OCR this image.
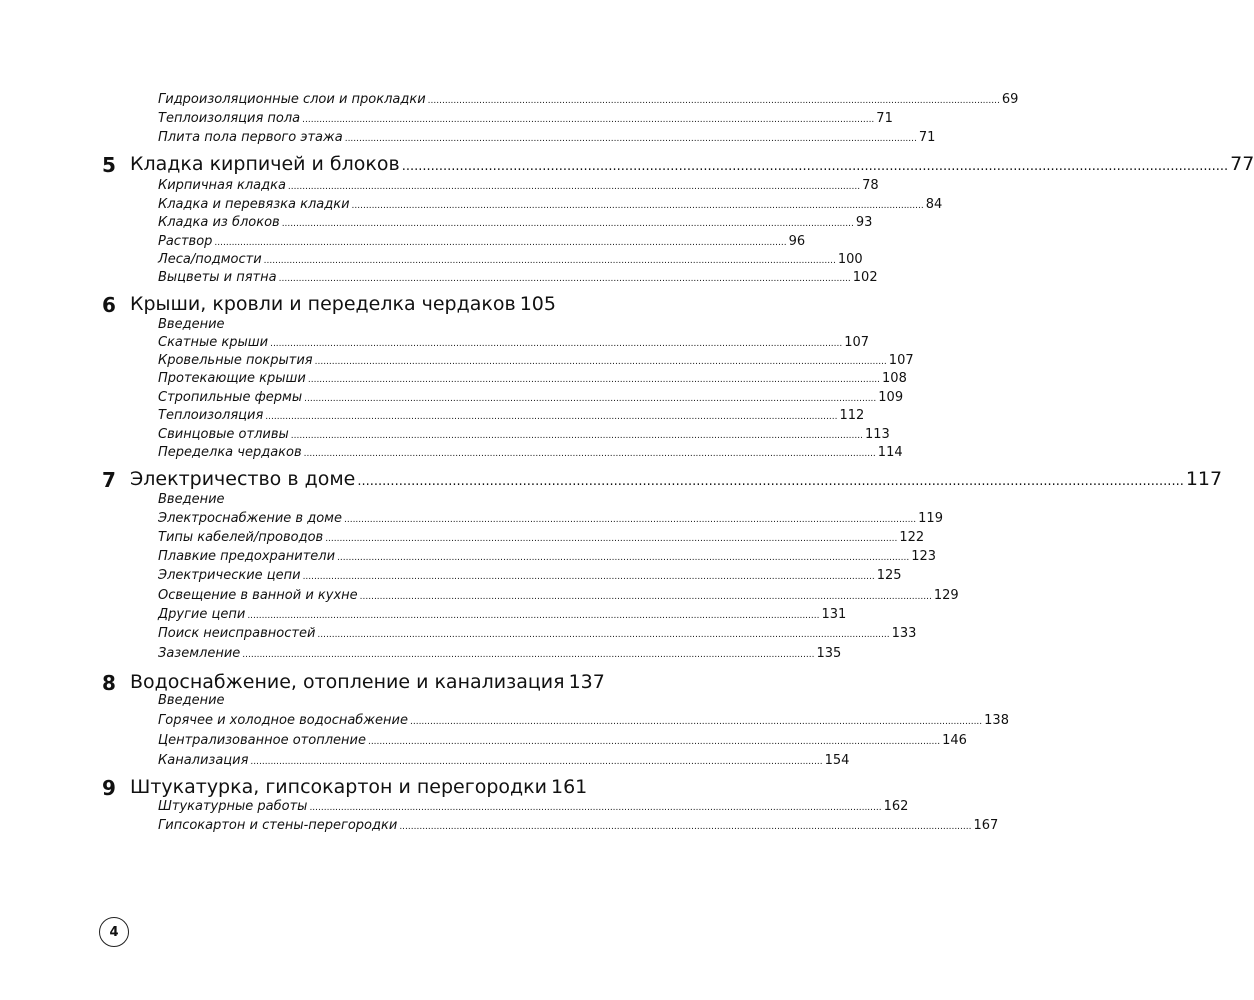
Гидроизоляционные слои и прокладки ........................................................................................................................................................................................................ 69
Теплоизоляция пола ........................................................................................................................................................................................................ 71
Плита пола первого этажа ........................................................................................................................................................................................................ 71
5 Кладка кирпичей и блоков ........................................................................................................................................................................................................ 77
Кирпичная кладка ........................................................................................................................................................................................................ 78
Кладка и перевязка кладки ........................................................................................................................................................................................................ 84
Кладка из блоков ........................................................................................................................................................................................................ 93
Раствор ........................................................................................................................................................................................................ 96
Леса/подмости ........................................................................................................................................................................................................ 100
Выцветы и пятна ........................................................................................................................................................................................................ 102
6 Крыши, кровли и переделка чердаков 105
Введение
Скатные крыши ........................................................................................................................................................................................................ 107
Кровельные покрытия ........................................................................................................................................................................................................ 107
Протекающие крыши ........................................................................................................................................................................................................ 108
Стропильные фермы ........................................................................................................................................................................................................ 109
Теплоизоляция ........................................................................................................................................................................................................ 112
Свинцовые отливы ........................................................................................................................................................................................................ 113
Переделка чердаков ........................................................................................................................................................................................................ 114
7 Электричество в доме ........................................................................................................................................................................................................ 117
Введение
Электроснабжение в доме ........................................................................................................................................................................................................ 119
Типы кабелей/проводов ........................................................................................................................................................................................................ 122
Плавкие предохранители ........................................................................................................................................................................................................ 123
Электрические цепи ........................................................................................................................................................................................................ 125
Освещение в ванной и кухне ........................................................................................................................................................................................................ 129
Другие цепи ........................................................................................................................................................................................................ 131
Поиск неисправностей ........................................................................................................................................................................................................ 133
Заземление ........................................................................................................................................................................................................ 135
8 Водоснабжение, отопление и канализация 137
Введение
Горячее и холодное водоснабжение ........................................................................................................................................................................................................ 138
Централизованное отопление ........................................................................................................................................................................................................ 146
Канализация ........................................................................................................................................................................................................ 154
9 Штукатурка, гипсокартон и перегородки 161
Штукатурные работы ........................................................................................................................................................................................................ 162
Гипсокартон и стены-перегородки ........................................................................................................................................................................................................ 167
4
